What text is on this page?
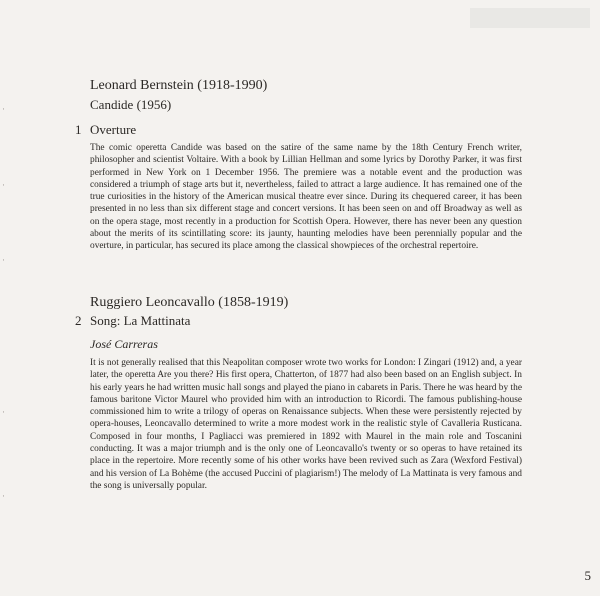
Leonard Bernstein (1918-1990)
Candide (1956)
1 Overture
The comic operetta Candide was based on the satire of the same name by the 18th Century French writer, philosopher and scientist Voltaire. With a book by Lillian Hellman and some lyrics by Dorothy Parker, it was first performed in New York on 1 December 1956. The premiere was a notable event and the production was considered a triumph of stage arts but it, nevertheless, failed to attract a large audience. It has remained one of the true curiosities in the history of the American musical theatre ever since. During its chequered career, it has been presented in no less than six different stage and concert versions. It has been seen on and off Broadway as well as on the opera stage, most recently in a production for Scottish Opera. However, there has never been any question about the merits of its scintillating score: its jaunty, haunting melodies have been perennially popular and the overture, in particular, has secured its place among the classical showpieces of the orchestral repertoire.
Ruggiero Leoncavallo (1858-1919)
2 Song: La Mattinata
José Carreras
It is not generally realised that this Neapolitan composer wrote two works for London: I Zingari (1912) and, a year later, the operetta Are you there? His first opera, Chatterton, of 1877 had also been based on an English subject. In his early years he had written music hall songs and played the piano in cabarets in Paris. There he was heard by the famous baritone Victor Maurel who provided him with an introduction to Ricordi. The famous publishing-house commissioned him to write a trilogy of operas on Renaissance subjects. When these were persistently rejected by opera-houses, Leoncavallo determined to write a more modest work in the realistic style of Cavalleria Rusticana. Composed in four months, I Pagliacci was premiered in 1892 with Maurel in the main role and Toscanini conducting. It was a major triumph and is the only one of Leoncavallo's twenty or so operas to have retained its place in the repertoire. More recently some of his other works have been revived such as Zara (Wexford Festival) and his version of La Bohème (the accused Puccini of plagiarism!) The melody of La Mattinata is very famous and the song is universally popular.
5
·
·
·
·
·
